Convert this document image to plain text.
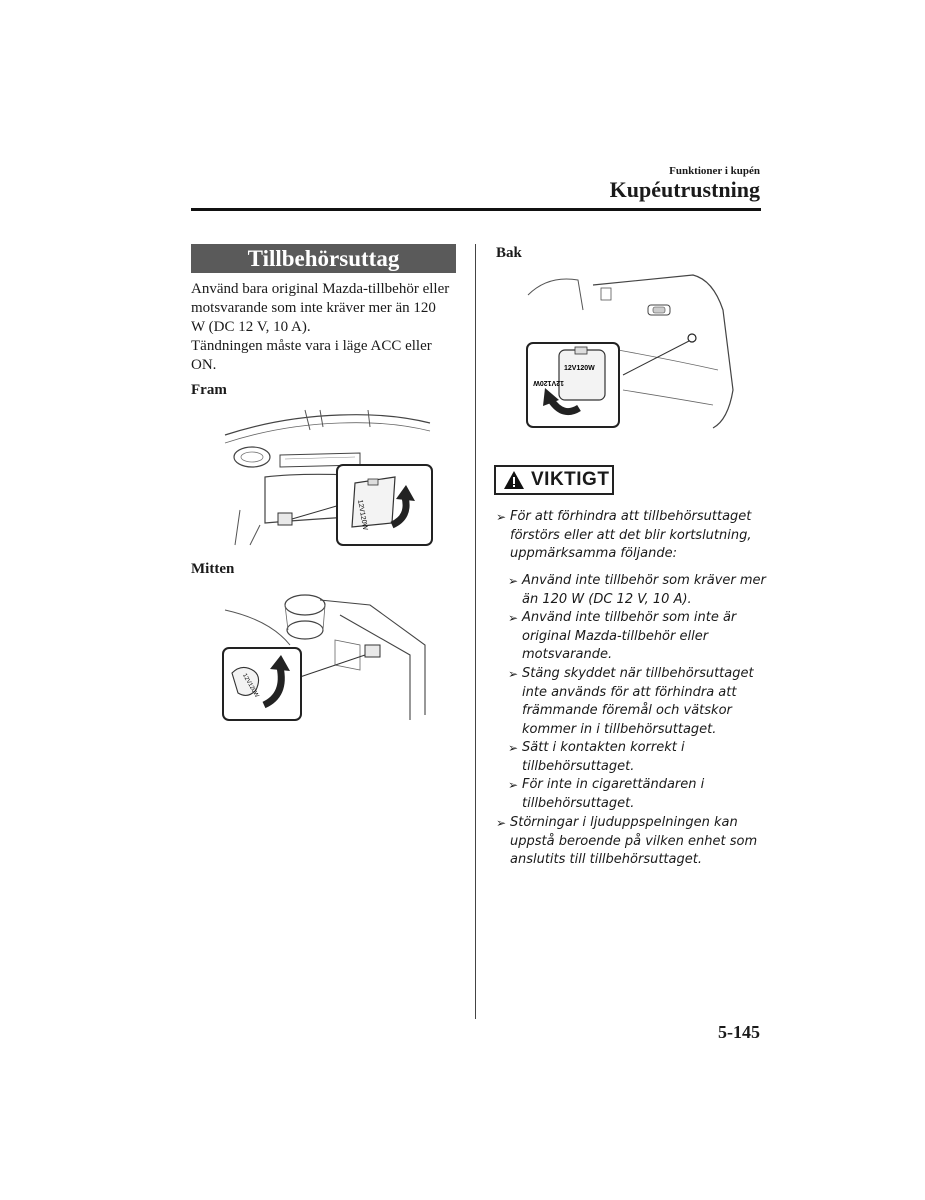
Funktioner i kupén
Kupéutrustning
Tillbehörsuttag
Använd bara original Mazda-tillbehör eller
motsvarande som inte kräver mer än 120
W (DC 12 V, 10 A).
Tändningen måste vara i läge ACC eller
ON.
Fram
12V120W
Mitten
12V120W
Bak
12V120W
12V120W
VIKTIGT
➢ För att förhindra att tillbehörsuttaget
förstörs eller att det blir kortslutning,
uppmärksamma följande:
➢ Använd inte tillbehör som kräver mer
än 120 W (DC 12 V, 10 A).
➢ Använd inte tillbehör som inte är
original Mazda-tillbehör eller
motsvarande.
➢ Stäng skyddet när tillbehörsuttaget
inte används för att förhindra att
främmande föremål och vätskor
kommer in i tillbehörsuttaget.
➢ Sätt i kontakten korrekt i
tillbehörsuttaget.
➢ För inte in cigarettändaren i
tillbehörsuttaget.
➢ Störningar i ljuduppspelningen kan
uppstå beroende på vilken enhet som
anslutits till tillbehörsuttaget.
5-145
